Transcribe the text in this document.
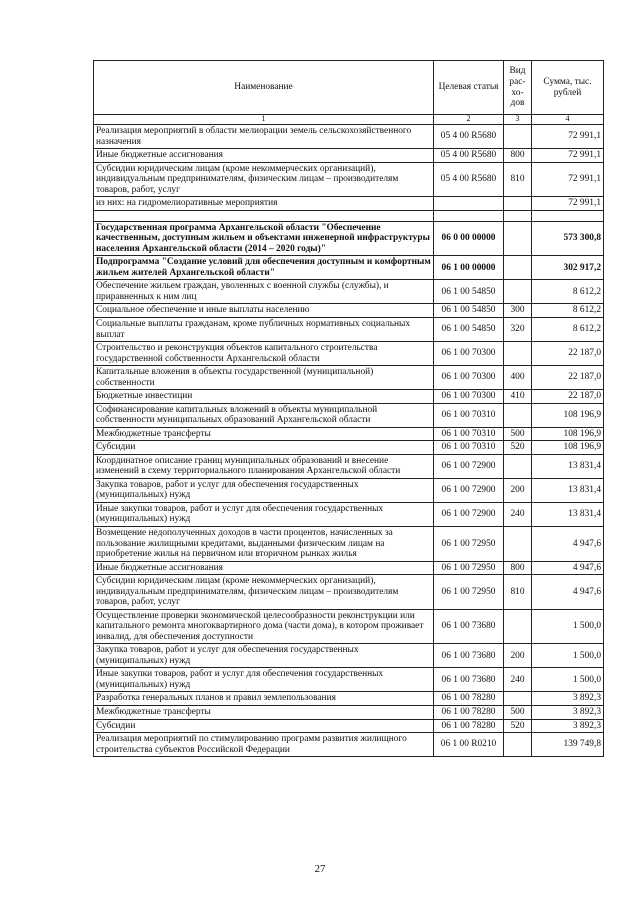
Наименование	Целевая статья	Вид рас-хо-дов	Сумма, тыс. рублей
1	2	3	4
Реализация мероприятий в области мелиорации земель сельскохозяйственного назначения	05 4 00 R5680		72 991,1
Иные бюджетные ассигнования	05 4 00 R5680	800	72 991,1
Субсидии юридическим лицам (кроме некоммерческих организаций), индивидуальным предпринимателям, физическим лицам – производителям товаров, работ, услуг	05 4 00 R5680	810	72 991,1
из них: на гидромелиоративные мероприятия			72 991,1

Государственная программа Архангельской области "Обеспечение качественным, доступным жильем и объектами инженерной инфраструктуры населения Архангельской области (2014 – 2020 годы)"	06 0 00 00000		573 300,8
Подпрограмма "Создание условий для обеспечения доступным и комфортным жильем жителей Архангельской области"	06 1 00 00000		302 917,2
Обеспечение жильем граждан, уволенных с военной службы (службы), и приравненных к ним лиц	06 1 00 54850		8 612,2
Социальное обеспечение и иные выплаты населению	06 1 00 54850	300	8 612,2
Социальные выплаты гражданам, кроме публичных нормативных социальных выплат	06 1 00 54850	320	8 612,2
Строительство и реконструкция объектов капитального строительства государственной собственности Архангельской области	06 1 00 70300		22 187,0
Капитальные вложения в объекты государственной (муниципальной) собственности	06 1 00 70300	400	22 187,0
Бюджетные инвестиции	06 1 00 70300	410	22 187,0
Софинансирование капитальных вложений в объекты муниципальной собственности муниципальных образований Архангельской области	06 1 00 70310		108 196,9
Межбюджетные трансферты	06 1 00 70310	500	108 196,9
Субсидии	06 1 00 70310	520	108 196,9
Координатное описание границ муниципальных образований и внесение изменений в схему территориального планирования Архангельской области	06 1 00 72900		13 831,4
Закупка товаров, работ и услуг для обеспечения государственных (муниципальных) нужд	06 1 00 72900	200	13 831,4
Иные закупки товаров, работ и услуг для обеспечения государственных (муниципальных) нужд	06 1 00 72900	240	13 831,4
Возмещение недополученных доходов в части процентов, начисленных за пользование жилищными кредитами, выданными физическим лицам на приобретение жилья на первичном или вторичном рынках жилья	06 1 00 72950		4 947,6
Иные бюджетные ассигнования	06 1 00 72950	800	4 947,6
Субсидии юридическим лицам (кроме некоммерческих организаций), индивидуальным предпринимателям, физическим лицам – производителям товаров, работ, услуг	06 1 00 72950	810	4 947,6
Осуществление проверки экономической целесообразности реконструкции или капитального ремонта многоквартирного дома (части дома), в котором проживает инвалид, для обеспечения доступности	06 1 00 73680		1 500,0
Закупка товаров, работ и услуг для обеспечения государственных (муниципальных) нужд	06 1 00 73680	200	1 500,0
Иные закупки товаров, работ и услуг для обеспечения государственных (муниципальных) нужд	06 1 00 73680	240	1 500,0
Разработка генеральных планов и правил землепользования	06 1 00 78280		3 892,3
Межбюджетные трансферты	06 1 00 78280	500	3 892,3
Субсидии	06 1 00 78280	520	3 892,3
Реализация мероприятий по стимулированию программ развития жилищного строительства субъектов Российской Федерации	06 1 00 R0210		139 749,8
27
